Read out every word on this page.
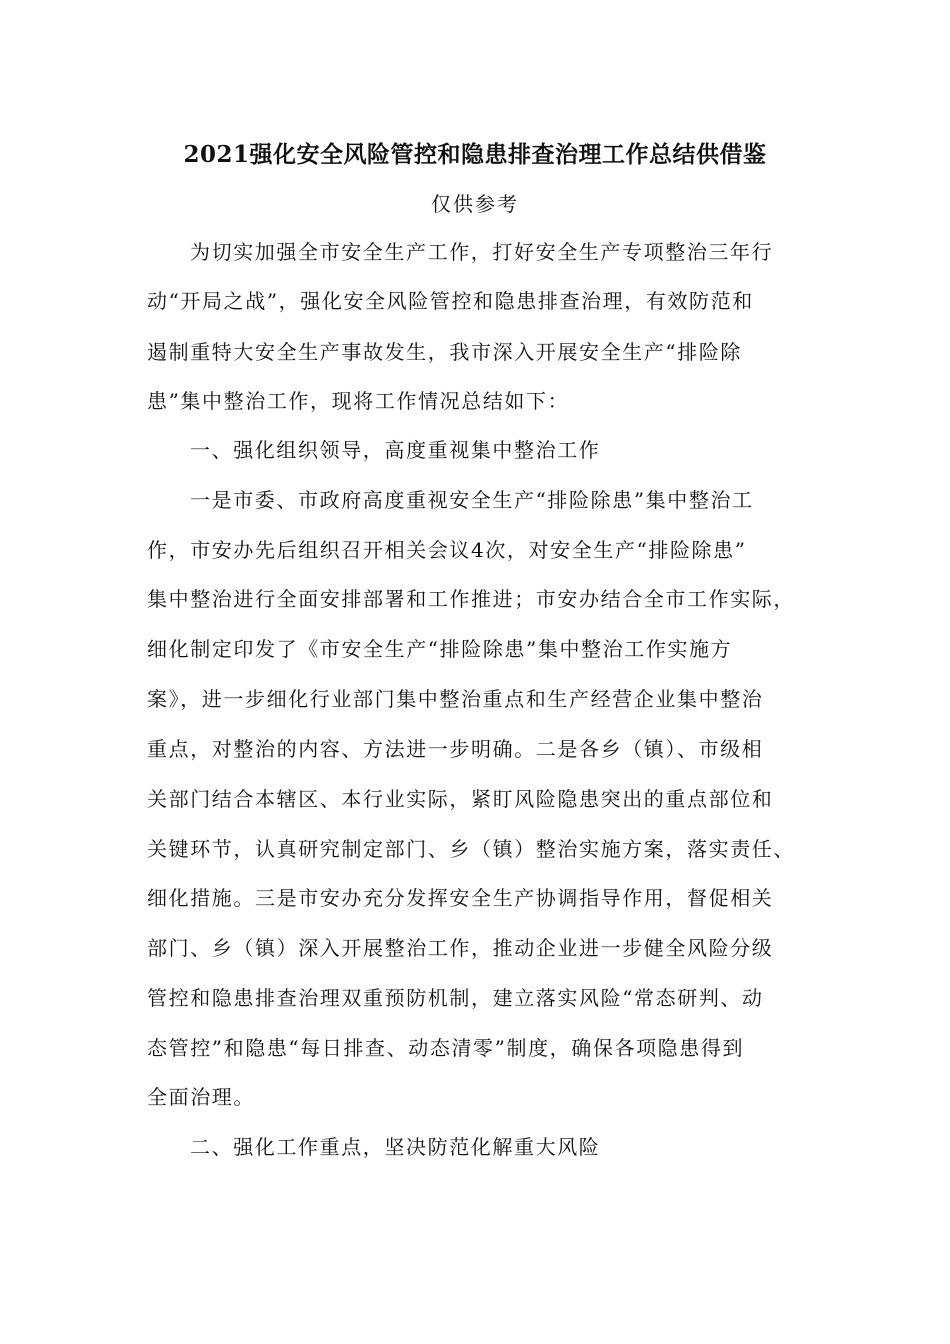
2021强化安全风险管控和隐患排查治理工作总结供借鉴
仅供参考
为切实加强全市安全生产工作，打好安全生产专项整治三年行
动“开局之战”，强化安全风险管控和隐患排查治理，有效防范和
遏制重特大安全生产事故发生，我市深入开展安全生产“排险除
患”集中整治工作，现将工作情况总结如下：
一、强化组织领导，高度重视集中整治工作
一是市委、市政府高度重视安全生产“排险除患”集中整治工
作，市安办先后组织召开相关会议4次，对安全生产“排险除患”
集中整治进行全面安排部署和工作推进；市安办结合全市工作实际，
细化制定印发了《市安全生产“排险除患”集中整治工作实施方
案》，进一步细化行业部门集中整治重点和生产经营企业集中整治
重点，对整治的内容、方法进一步明确。二是各乡（镇）、市级相
关部门结合本辖区、本行业实际，紧盯风险隐患突出的重点部位和
关键环节，认真研究制定部门、乡（镇）整治实施方案，落实责任、
细化措施。三是市安办充分发挥安全生产协调指导作用，督促相关
部门、乡（镇）深入开展整治工作，推动企业进一步健全风险分级
管控和隐患排查治理双重预防机制，建立落实风险“常态研判、动
态管控”和隐患“每日排查、动态清零”制度，确保各项隐患得到
全面治理。
二、强化工作重点，坚决防范化解重大风险
